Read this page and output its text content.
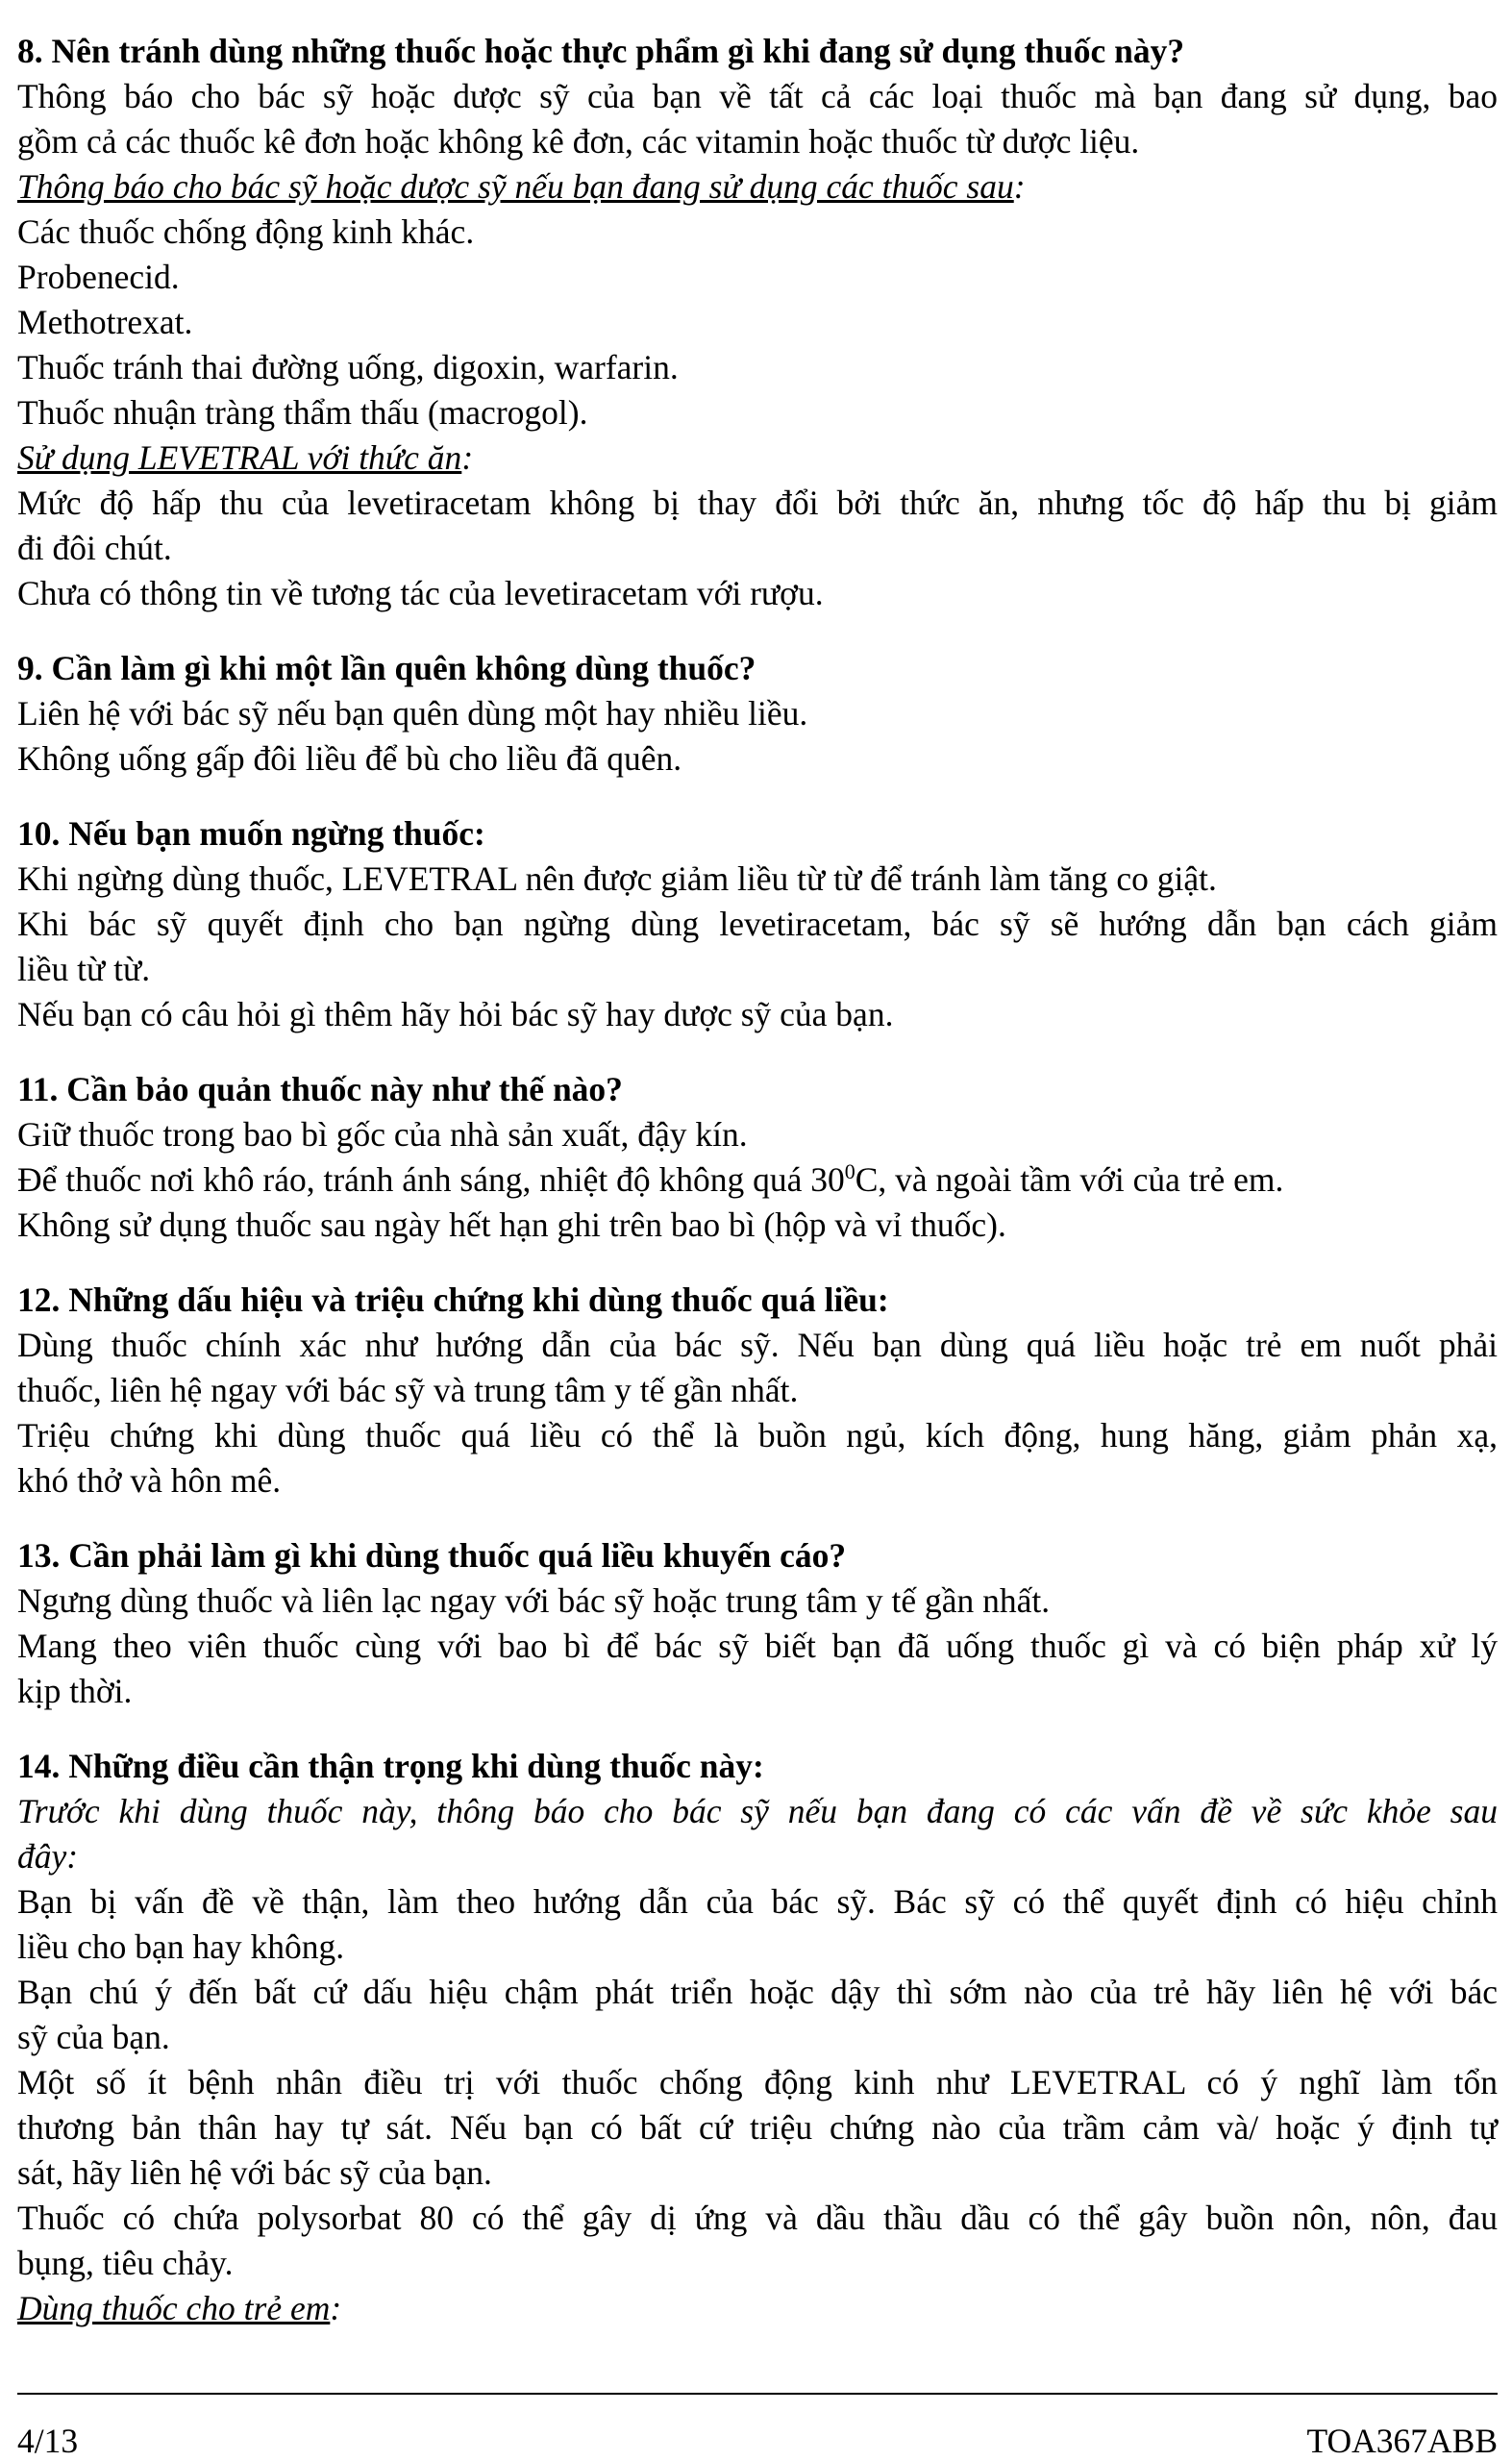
8. Nên tránh dùng những thuốc hoặc thực phẩm gì khi đang sử dụng thuốc này?
Thông báo cho bác sỹ hoặc dược sỹ của bạn về tất cả các loại thuốc mà bạn đang sử dụng, bao
gồm cả các thuốc kê đơn hoặc không kê đơn, các vitamin hoặc thuốc từ dược liệu.
Thông báo cho bác sỹ hoặc dược sỹ nếu bạn đang sử dụng các thuốc sau:
Các thuốc chống động kinh khác.
Probenecid.
Methotrexat.
Thuốc tránh thai đường uống, digoxin, warfarin.
Thuốc nhuận tràng thẩm thấu (macrogol).
Sử dụng LEVETRAL với thức ăn:
Mức độ hấp thu của levetiracetam không bị thay đổi bởi thức ăn, nhưng tốc độ hấp thu bị giảm
đi đôi chút.
Chưa có thông tin về tương tác của levetiracetam với rượu.
9. Cần làm gì khi một lần quên không dùng thuốc?
Liên hệ với bác sỹ nếu bạn quên dùng một hay nhiều liều.
Không uống gấp đôi liều để bù cho liều đã quên.
10. Nếu bạn muốn ngừng thuốc:
Khi ngừng dùng thuốc, LEVETRAL nên được giảm liều từ từ để tránh làm tăng co giật.
Khi bác sỹ quyết định cho bạn ngừng dùng levetiracetam, bác sỹ sẽ hướng dẫn bạn cách giảm
liều từ từ.
Nếu bạn có câu hỏi gì thêm hãy hỏi bác sỹ hay dược sỹ của bạn.
11. Cần bảo quản thuốc này như thế nào?
Giữ thuốc trong bao bì gốc của nhà sản xuất, đậy kín.
Để thuốc nơi khô ráo, tránh ánh sáng, nhiệt độ không quá $30^0C$, và ngoài tầm với của trẻ em.
Không sử dụng thuốc sau ngày hết hạn ghi trên bao bì (hộp và vỉ thuốc).
12. Những dấu hiệu và triệu chứng khi dùng thuốc quá liều:
Dùng thuốc chính xác như hướng dẫn của bác sỹ. Nếu bạn dùng quá liều hoặc trẻ em nuốt phải
thuốc, liên hệ ngay với bác sỹ và trung tâm y tế gần nhất.
Triệu chứng khi dùng thuốc quá liều có thể là buồn ngủ, kích động, hung hăng, giảm phản xạ,
khó thở và hôn mê.
13. Cần phải làm gì khi dùng thuốc quá liều khuyến cáo?
Ngưng dùng thuốc và liên lạc ngay với bác sỹ hoặc trung tâm y tế gần nhất.
Mang theo viên thuốc cùng với bao bì để bác sỹ biết bạn đã uống thuốc gì và có biện pháp xử lý
kịp thời.
14. Những điều cần thận trọng khi dùng thuốc này:
Trước khi dùng thuốc này, thông báo cho bác sỹ nếu bạn đang có các vấn đề về sức khỏe sau
đây:
Bạn bị vấn đề về thận, làm theo hướng dẫn của bác sỹ. Bác sỹ có thể quyết định có hiệu chỉnh
liều cho bạn hay không.
Bạn chú ý đến bất cứ dấu hiệu chậm phát triển hoặc dậy thì sớm nào của trẻ hãy liên hệ với bác
sỹ của bạn.
Một số ít bệnh nhân điều trị với thuốc chống động kinh như LEVETRAL có ý nghĩ làm tổn
thương bản thân hay tự sát. Nếu bạn có bất cứ triệu chứng nào của trầm cảm và/ hoặc ý định tự
sát, hãy liên hệ với bác sỹ của bạn.
Thuốc có chứa polysorbat 80 có thể gây dị ứng và dầu thầu dầu có thể gây buồn nôn, nôn, đau
bụng, tiêu chảy.
Dùng thuốc cho trẻ em:
4/13	TOA367ABB
